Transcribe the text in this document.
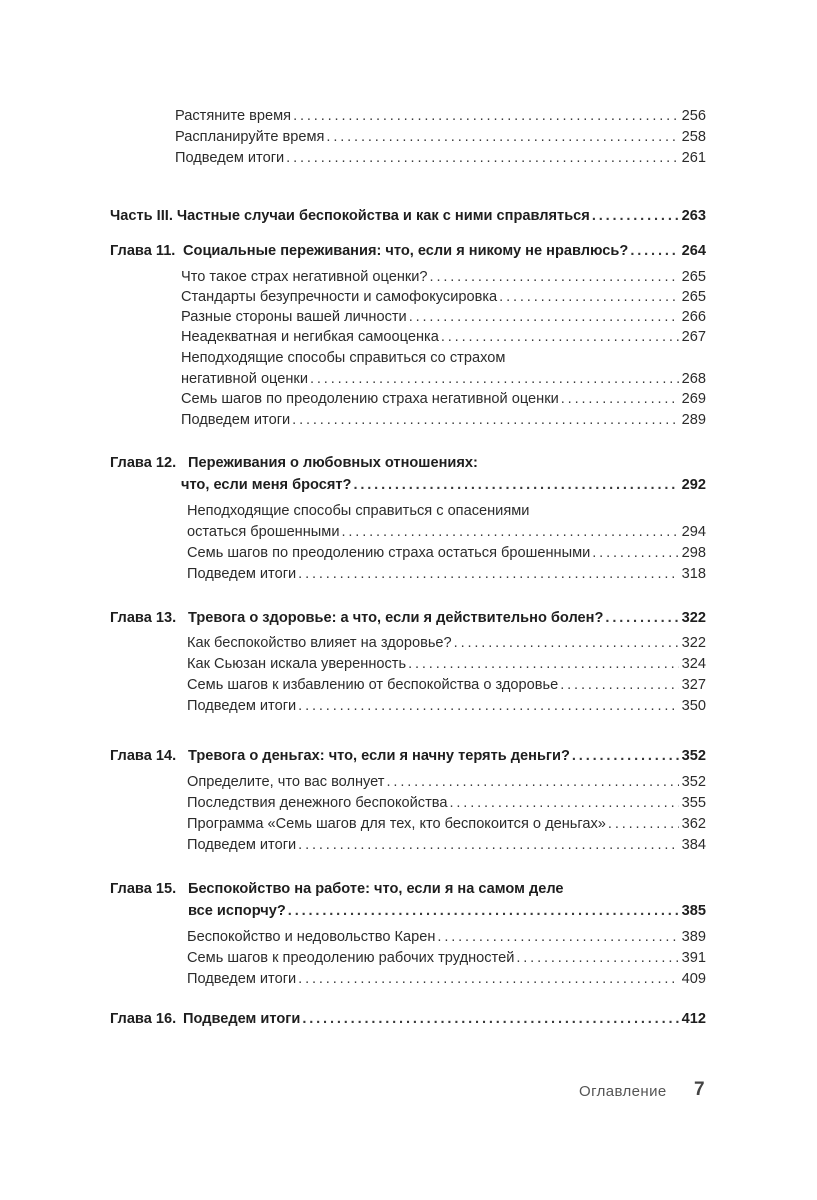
Растяните время . . .	256
Распланируйте время . . .	258
Подведем итоги . . .	261
Часть III. Частные случаи беспокойства и как с ними справляться . . .	263
Глава 11. Социальные переживания: что, если я никому не нравлюсь? . . .	264
Что такое страх негативной оценки? . . .	265
Стандарты безупречности и самофокусировка . . .	265
Разные стороны вашей личности . . .	266
Неадекватная и негибкая самооценка . . .	267
Неподходящие способы справиться со страхом
негативной оценки . . .	268
Семь шагов по преодолению страха негативной оценки . . .	269
Подведем итоги . . .	289
Глава 12. Переживания о любовных отношениях:
что, если меня бросят? . . .	292
Неподходящие способы справиться с опасениями
остаться брошенными . . .	294
Семь шагов по преодолению страха остаться брошенными . . .	298
Подведем итоги . . .	318
Глава 13. Тревога о здоровье: а что, если я действительно болен? . . .	322
Как беспокойство влияет на здоровье? . . .	322
Как Сьюзан искала уверенность . . .	324
Семь шагов к избавлению от беспокойства о здоровье . . .	327
Подведем итоги . . .	350
Глава 14. Тревога о деньгах: что, если я начну терять деньги? . . .	352
Определите, что вас волнует . . .	352
Последствия денежного беспокойства . . .	355
Программа «Семь шагов для тех, кто беспокоится о деньгах» . . .	362
Подведем итоги . . .	384
Глава 15. Беспокойство на работе: что, если я на самом деле
все испорчу? . . .	385
Беспокойство и недовольство Карен . . .	389
Семь шагов к преодолению рабочих трудностей . . .	391
Подведем итоги . . .	409
Глава 16. Подведем итоги . . .	412
Оглавление 7
